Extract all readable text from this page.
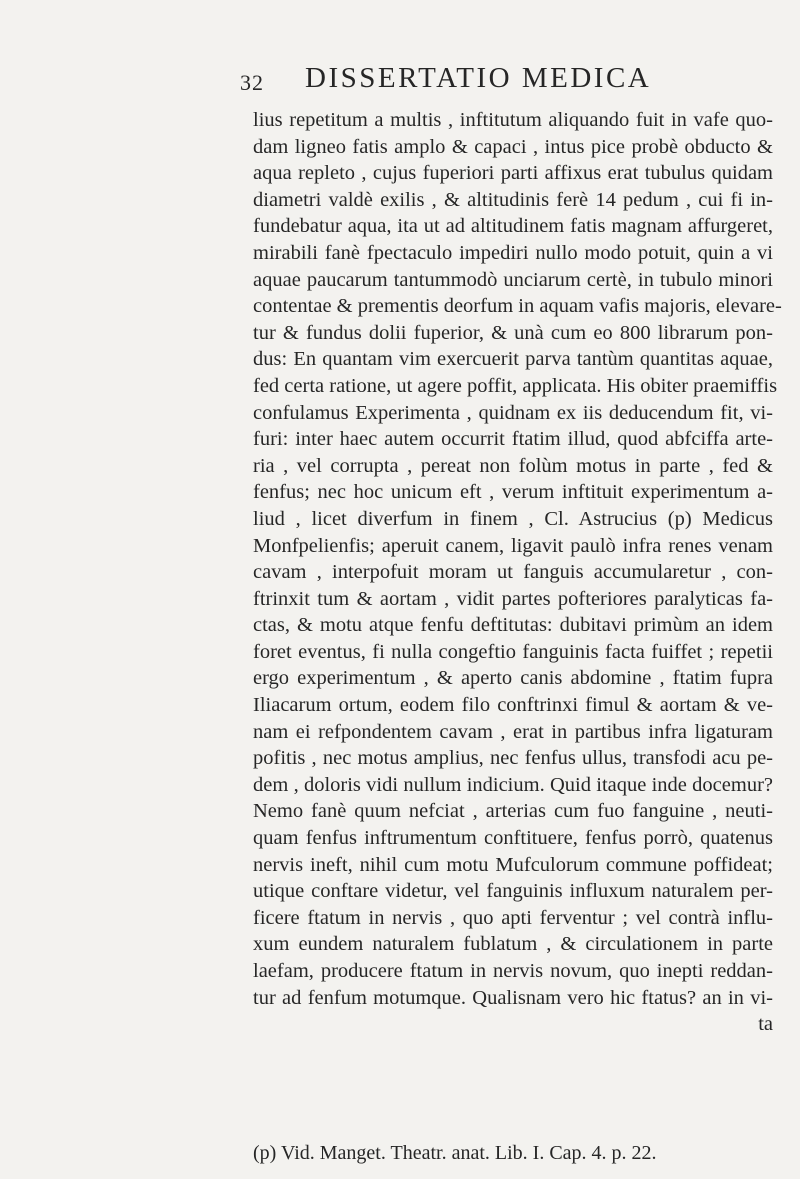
32 DISSERTATIO MEDICA
lius repetitum a multis , inftitutum aliquando fuit in vafe quo-
dam ligneo fatis amplo & capaci , intus pice probè obducto &
aqua repleto , cujus fuperiori parti affixus erat tubulus quidam
diametri valdè exilis , & altitudinis ferè 14 pedum , cui fi in-
fundebatur aqua, ita ut ad altitudinem fatis magnam affurgeret,
mirabili fanè fpectaculo impediri nullo modo potuit, quin a vi
aquae paucarum tantummodò unciarum certè, in tubulo minori
contentae & prementis deorfum in aquam vafis majoris, elevare-
tur & fundus dolii fuperior, & unà cum eo 800 librarum pon-
dus: En quantam vim exercuerit parva tantùm quantitas aquae,
fed certa ratione, ut agere poffit, applicata. His obiter praemiffis
confulamus Experimenta , quidnam ex iis deducendum fit, vi-
furi: inter haec autem occurrit ftatim illud, quod abfciffa arte-
ria , vel corrupta , pereat non folùm motus in parte , fed &
fenfus; nec hoc unicum eft , verum inftituit experimentum a-
liud , licet diverfum in finem , Cl. Astrucius (p) Medicus
Monfpelienfis; aperuit canem, ligavit paulò infra renes venam
cavam , interpofuit moram ut fanguis accumularetur , con-
ftrinxit tum & aortam , vidit partes pofteriores paralyticas fa-
ctas, & motu atque fenfu deftitutas: dubitavi primùm an idem
foret eventus, fi nulla congeftio fanguinis facta fuiffet ; repetii
ergo experimentum , & aperto canis abdomine , ftatim fupra
Iliacarum ortum, eodem filo conftrinxi fimul & aortam & ve-
nam ei refpondentem cavam , erat in partibus infra ligaturam
pofitis , nec motus amplius, nec fenfus ullus, transfodi acu pe-
dem , doloris vidi nullum indicium. Quid itaque inde docemur?
Nemo fanè quum nefciat , arterias cum fuo fanguine , neuti-
quam fenfus inftrumentum conftituere, fenfus porrò, quatenus
nervis ineft, nihil cum motu Mufculorum commune poffideat;
utique conftare videtur, vel fanguinis influxum naturalem per-
ficere ftatum in nervis , quo apti ferventur ; vel contrà influ-
xum eundem naturalem fublatum , & circulationem in parte
laefam, producere ftatum in nervis novum, quo inepti reddan-
tur ad fenfum motumque. Qualisnam vero hic ftatus? an in vi-
ta
(p) Vid. Manget. Theatr. anat. Lib. I. Cap. 4. p. 22.
